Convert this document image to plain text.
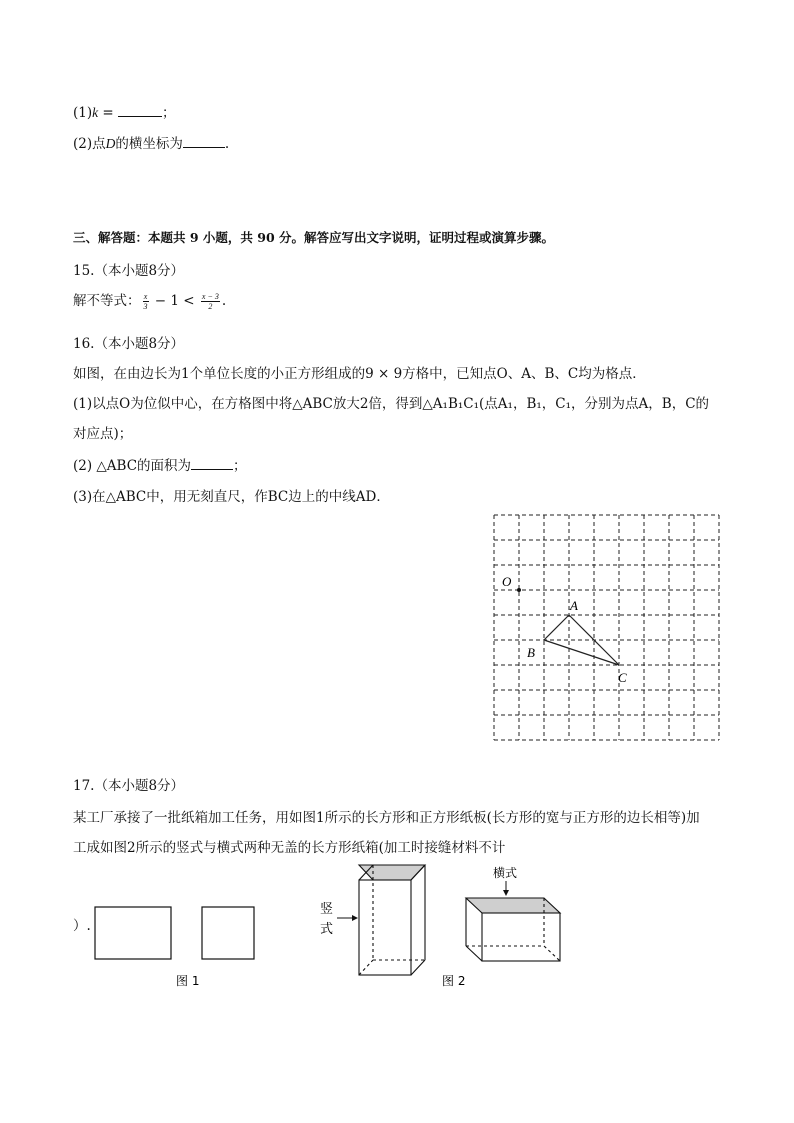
(1)k =	；
(2)点D的横坐标为	.
三、解答题：本题共 9 小题，共 90 分。解答应写出文字说明，证明过程或演算步骤。
15.（本小题8分）
解不等式： $\frac{x}{3} - 1 < \frac{x - 3}{2}$ .
16.（本小题8分）
如图，在由边长为1个单位长度的小正方形组成的9 × 9方格中，已知点O、A、B、C均为格点．
(1)以点O为位似中心，在方格图中将△ABC放大2倍，得到△A₁B₁C₁(点A₁，B₁，C₁，分别为点A，B，C的
对应点)；
(2) △ABC的面积为	；
(3)在△ABC中，用无刻直尺，作BC边上的中线AD．
O
A
B
C
17.（本小题8分）
某工厂承接了一批纸箱加工任务，用如图1所示的长方形和正方形纸板(长方形的宽与正方形的边长相等)加
工成如图2所示的竖式与横式两种无盖的长方形纸箱(加工时接缝材料不计
）.
图 1
竖
式
横式
图 2
